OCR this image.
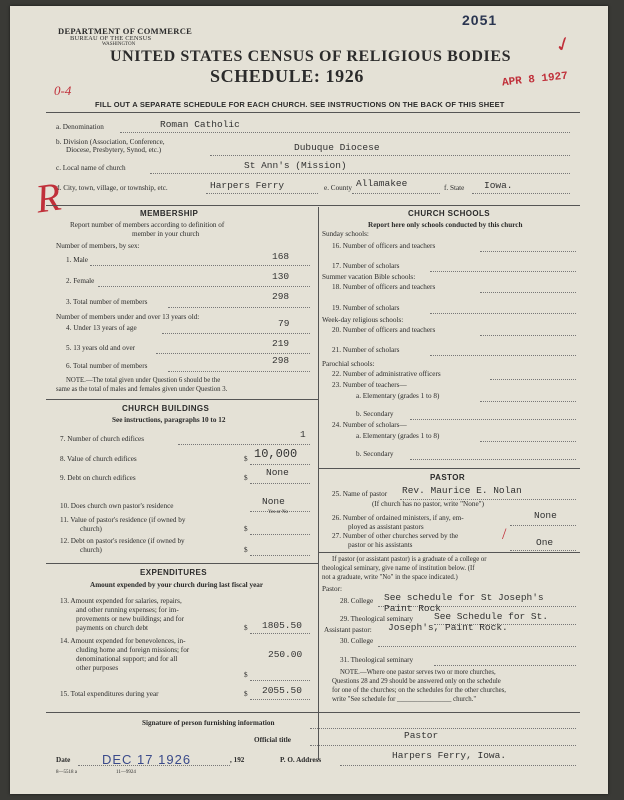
DEPARTMENT OF COMMERCE
BUREAU OF THE CENSUS
WASHINGTON
2051
UNITED STATES CENSUS OF RELIGIOUS BODIES
SCHEDULE: 1926	APR 8 1927
0-4
✓
FILL OUT A SEPARATE SCHEDULE FOR EACH CHURCH. SEE INSTRUCTIONS ON THE BACK OF THIS SHEET
a. Denomination	Roman Catholic
b. Division (Association, Conference,
Diocese, Presbytery, Synod, etc.)	Dubuque Diocese
c. Local name of church	St Ann's (Mission)
d. City, town, village, or township, etc.	Harpers Ferry	e. County Allamakee	f. State Iowa.
R	MEMBERSHIP
Report number of members according to definition of
member in your church
Number of members, by sex:
1. Male	168
2. Female	130
3. Total number of members	298
Number of members under and over 13 years old:
4. Under 13 years of age	79
5. 13 years old and over	219
6. Total number of members	298
NOTE.—The total given under Question 6 should be the
same as the total of males and females given under Question 3.
CHURCH BUILDINGS
See instructions, paragraphs 10 to 12
7. Number of church edifices	1
8. Value of church edifices	$ 10,000
9. Debt on church edifices	$ None
10. Does church own pastor's residence	None
Yes or No
11. Value of pastor's residence (if owned by
church)	$
12. Debt on pastor's residence (if owned by
church)	$
EXPENDITURES
Amount expended by your church during last fiscal year
13. Amount expended for salaries, repairs,
and other running expenses; for im-
provements or new buildings; and for
payments on church debt	$ 1805.50
14. Amount expended for benevolences, in-
cluding home and foreign missions; for
denominational support; and for all
other purposes
$
250.00
15. Total expenditures during year	$ 2055.50
CHURCH SCHOOLS
Report here only schools conducted by this church
Sunday schools:
16. Number of officers and teachers
17. Number of scholars
Summer vacation Bible schools:
18. Number of officers and teachers
19. Number of scholars
Week-day religious schools:
20. Number of officers and teachers
21. Number of scholars
Parochial schools:
22. Number of administrative officers
23. Number of teachers—
a. Elementary (grades 1 to 8)
b. Secondary
24. Number of scholars—
a. Elementary (grades 1 to 8)
b. Secondary
PASTOR
25. Name of pastor Rev. Maurice E. Nolan
(If church has no pastor, write "None")
26. Number of ordained ministers, if any, em-
ployed as assistant pastors
None
27. Number of other churches served by the
pastor or his assistants	One
/
If pastor (or assistant pastor) is a graduate of a college or
theological seminary, give name of institution below. (If
not a graduate, write "No" in the space indicated.)
Pastor:
28. College See schedule for St Joseph's
Paint Rock
29. Theological seminary See Schedule for St.
Joseph's, Paint Rock.
Assistant pastor:
30. College
31. Theological seminary
NOTE.—Where one pastor serves two or more churches,
Questions 28 and 29 should be answered only on the schedule
for one of the churches; on the schedules for the other churches,
write "See schedule for ________________ church."
Signature of person furnishing information
Official title	Pastor
Date DEC 17 1926	, 192	P. O. Address	Harpers Ferry, Iowa.
8—5518 a	11—9924
